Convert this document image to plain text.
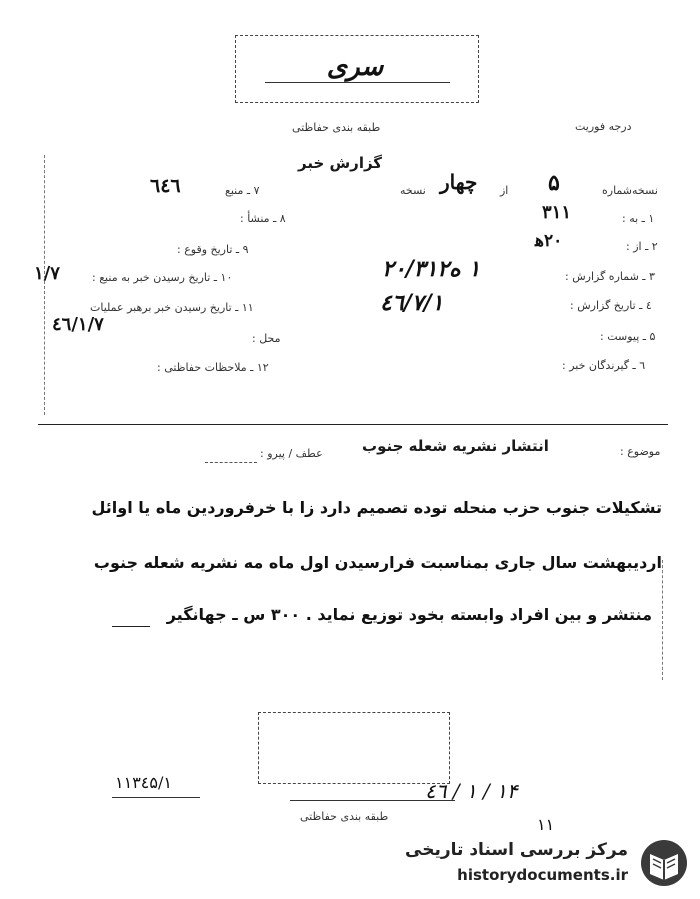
سری
طبقه بندی حفاظتی	درجه فوریت
گزارش خبر
نسخه‌شماره
۵
از
چهار
نسخه
۱ ـ به :
۳۱۱
۲ ـ از :
۲۰ه‍
۳ ـ شماره گزارش :
۱ ه۲۰/۳۱۲
٤ ـ تاریخ گزارش :
۷/۱/٤٦
۵ ـ پیوست :
٦ ـ گیرندگان خبر :
۷ ـ منبع
٦٤٦
۸ ـ منشأ :
۹ ـ تاریخ وقوع :
۱۰ ـ تاریخ رسیدن خبر به منبع :
۱/۷
۱۱ ـ تاریخ رسیدن خبر برهبر عملیات
٤٦/۱/۷
محل :
۱۲ ـ ملاحظات حفاظتی :
موضوع :
انتشار نشریه شعله جنوب
عطف / پیرو :
تشکیلات جنوب حزب منحله توده تصمیم دارد زا با خرفروردین ماه یا اوائل
اردیبهشت سال جاری بمناسبت فرارسیدن اول ماه مه نشریه شعله جنوب
منتشر و بین افراد وابسته بخود توزیع نماید . ۳۰۰ س ـ جهانگیر
۱۱۳٤۵/۱	۱۴ / ۱ / ٤٦
طبقه بندی حفاظتی	۱۱
مرکز بررسی اسناد تاریخی
historydocuments.ir
